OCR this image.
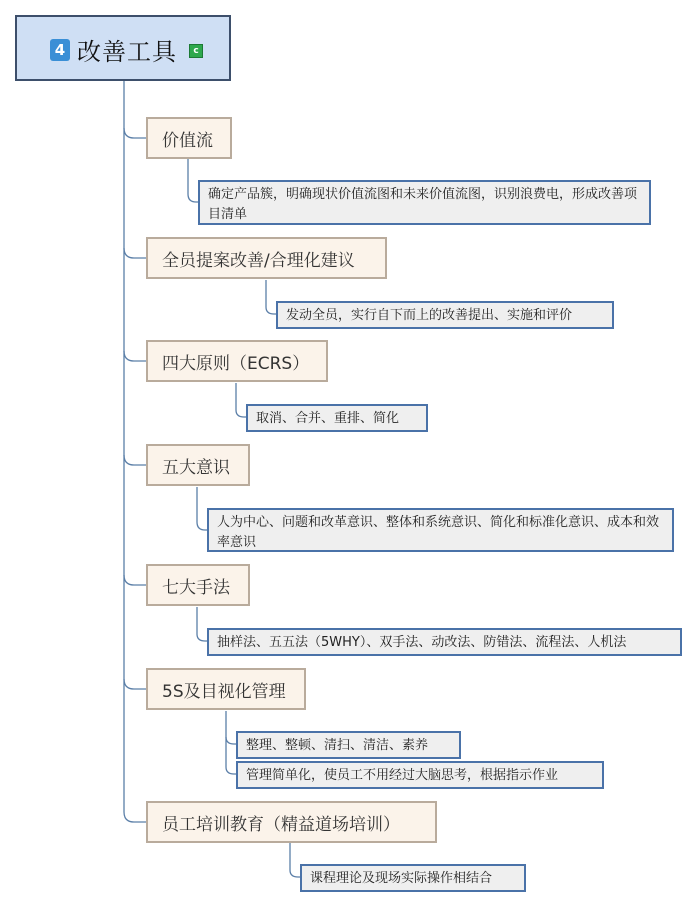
4 改善工具	c
价值流
确定产品簇，明确现状价值流图和未来价值流图，识别浪费电，形成改善项目清单
全员提案改善/合理化建议
发动全员，实行自下而上的改善提出、实施和评价
四大原则（ECRS）
取消、合并、重排、简化
五大意识
人为中心、问题和改革意识、整体和系统意识、简化和标准化意识、成本和效率意识
七大手法
抽样法、五五法（5WHY）、双手法、动改法、防错法、流程法、人机法
5S及目视化管理
整理、整顿、清扫、清洁、素养
管理简单化，使员工不用经过大脑思考，根据指示作业
员工培训教育（精益道场培训）
课程理论及现场实际操作相结合
